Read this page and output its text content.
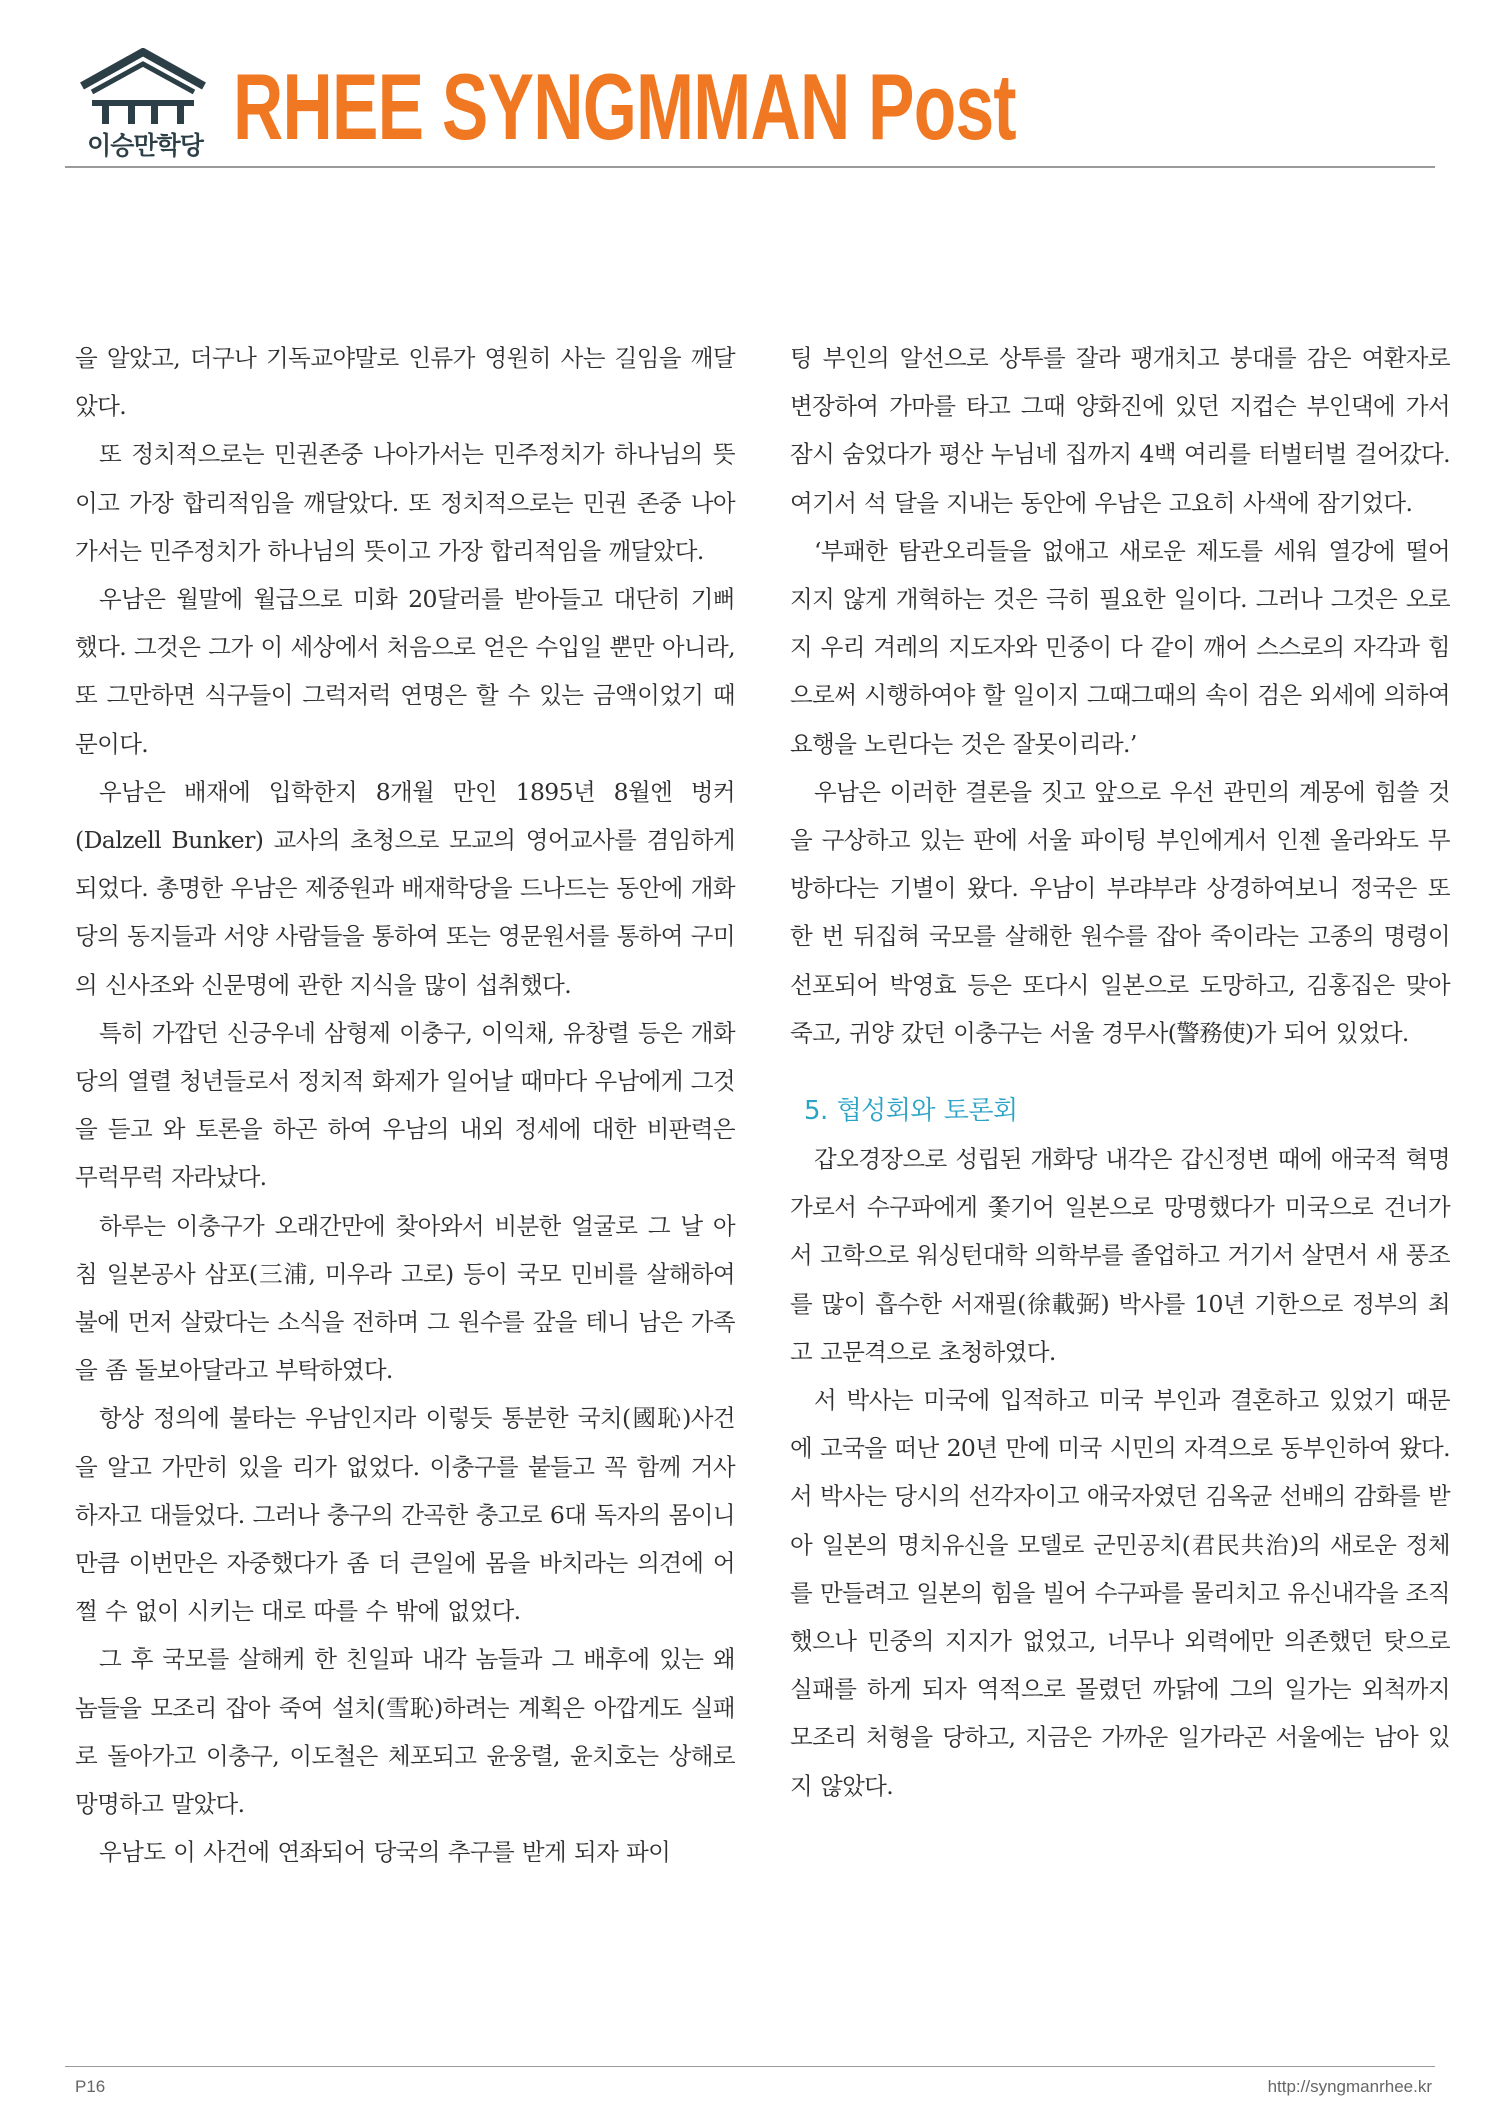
이승만학당 RHEE SYNGMMAN Post

을 알았고, 더구나 기독교야말로 인류가 영원히 사는 길임을 깨달았다.

또 정치적으로는 민권존중 나아가서는 민주정치가 하나님의 뜻이고 가장 합리적임을 깨달았다. 또 정치적으로는 민권 존중 나아가서는 민주정치가 하나님의 뜻이고 가장 합리적임을 깨달았다.

우남은 월말에 월급으로 미화 20달러를 받아들고 대단히 기뻐했다. 그것은 그가 이 세상에서 처음으로 얻은 수입일 뿐만 아니라, 또 그만하면 식구들이 그럭저럭 연명은 할 수 있는 금액이었기 때문이다.

우남은 배재에 입학한지 8개월 만인 1895년 8월엔 벙커(Dalzell Bunker) 교사의 초청으로 모교의 영어교사를 겸임하게 되었다. 총명한 우남은 제중원과 배재학당을 드나드는 동안에 개화당의 동지들과 서양 사람들을 통하여 또는 영문원서를 통하여 구미의 신사조와 신문명에 관한 지식을 많이 섭취했다.

특히 가깝던 신긍우네 삼형제 이충구, 이익채, 유창렬 등은 개화당의 열렬 청년들로서 정치적 화제가 일어날 때마다 우남에게 그것을 듣고 와 토론을 하곤 하여 우남의 내외 정세에 대한 비판력은 무럭무럭 자라났다.

하루는 이충구가 오래간만에 찾아와서 비분한 얼굴로 그 날 아침 일본공사 삼포(三浦, 미우라 고로) 등이 국모 민비를 살해하여 불에 먼저 살랐다는 소식을 전하며 그 원수를 갚을 테니 남은 가족을 좀 돌보아달라고 부탁하였다.

항상 정의에 불타는 우남인지라 이렇듯 통분한 국치(國恥)사건을 알고 가만히 있을 리가 없었다. 이충구를 붙들고 꼭 함께 거사하자고 대들었다. 그러나 충구의 간곡한 충고로 6대 독자의 몸이니만큼 이번만은 자중했다가 좀 더 큰일에 몸을 바치라는 의견에 어쩔 수 없이 시키는 대로 따를 수 밖에 없었다.

그 후 국모를 살해케 한 친일파 내각 놈들과 그 배후에 있는 왜놈들을 모조리 잡아 죽여 설치(雪恥)하려는 계획은 아깝게도 실패로 돌아가고 이충구, 이도철은 체포되고 윤웅렬, 윤치호는 상해로 망명하고 말았다.

우남도 이 사건에 연좌되어 당국의 추구를 받게 되자 파이

팅 부인의 알선으로 상투를 잘라 팽개치고 붕대를 감은 여환자로 변장하여 가마를 타고 그때 양화진에 있던 지컵슨 부인댁에 가서 잠시 숨었다가 평산 누님네 집까지 4백 여리를 터벌터벌 걸어갔다. 여기서 석 달을 지내는 동안에 우남은 고요히 사색에 잠기었다.

‘부패한 탐관오리들을 없애고 새로운 제도를 세워 열강에 떨어지지 않게 개혁하는 것은 극히 필요한 일이다. 그러나 그것은 오로지 우리 겨레의 지도자와 민중이 다 같이 깨어 스스로의 자각과 힘으로써 시행하여야 할 일이지 그때그때의 속이 검은 외세에 의하여 요행을 노린다는 것은 잘못이리라.’

우남은 이러한 결론을 짓고 앞으로 우선 관민의 계몽에 힘쓸 것을 구상하고 있는 판에 서울 파이팅 부인에게서 인젠 올라와도 무방하다는 기별이 왔다. 우남이 부랴부랴 상경하여보니 정국은 또 한 번 뒤집혀 국모를 살해한 원수를 잡아 죽이라는 고종의 명령이 선포되어 박영효 등은 또다시 일본으로 도망하고, 김홍집은 맞아 죽고, 귀양 갔던 이충구는 서울 경무사(警務使)가 되어 있었다.

5. 협성회와 토론회

갑오경장으로 성립된 개화당 내각은 갑신정변 때에 애국적 혁명가로서 수구파에게 쫓기어 일본으로 망명했다가 미국으로 건너가서 고학으로 워싱턴대학 의학부를 졸업하고 거기서 살면서 새 풍조를 많이 흡수한 서재필(徐載弼) 박사를 10년 기한으로 정부의 최고 고문격으로 초청하였다.

서 박사는 미국에 입적하고 미국 부인과 결혼하고 있었기 때문에 고국을 떠난 20년 만에 미국 시민의 자격으로 동부인하여 왔다. 서 박사는 당시의 선각자이고 애국자였던 김옥균 선배의 감화를 받아 일본의 명치유신을 모델로 군민공치(君民共治)의 새로운 정체를 만들려고 일본의 힘을 빌어 수구파를 물리치고 유신내각을 조직했으나 민중의 지지가 없었고, 너무나 외력에만 의존했던 탓으로 실패를 하게 되자 역적으로 몰렸던 까닭에 그의 일가는 외척까지 모조리 처형을 당하고, 지금은 가까운 일가라곤 서울에는 남아 있지 않았다.

P16	http://syngmanrhee.kr
